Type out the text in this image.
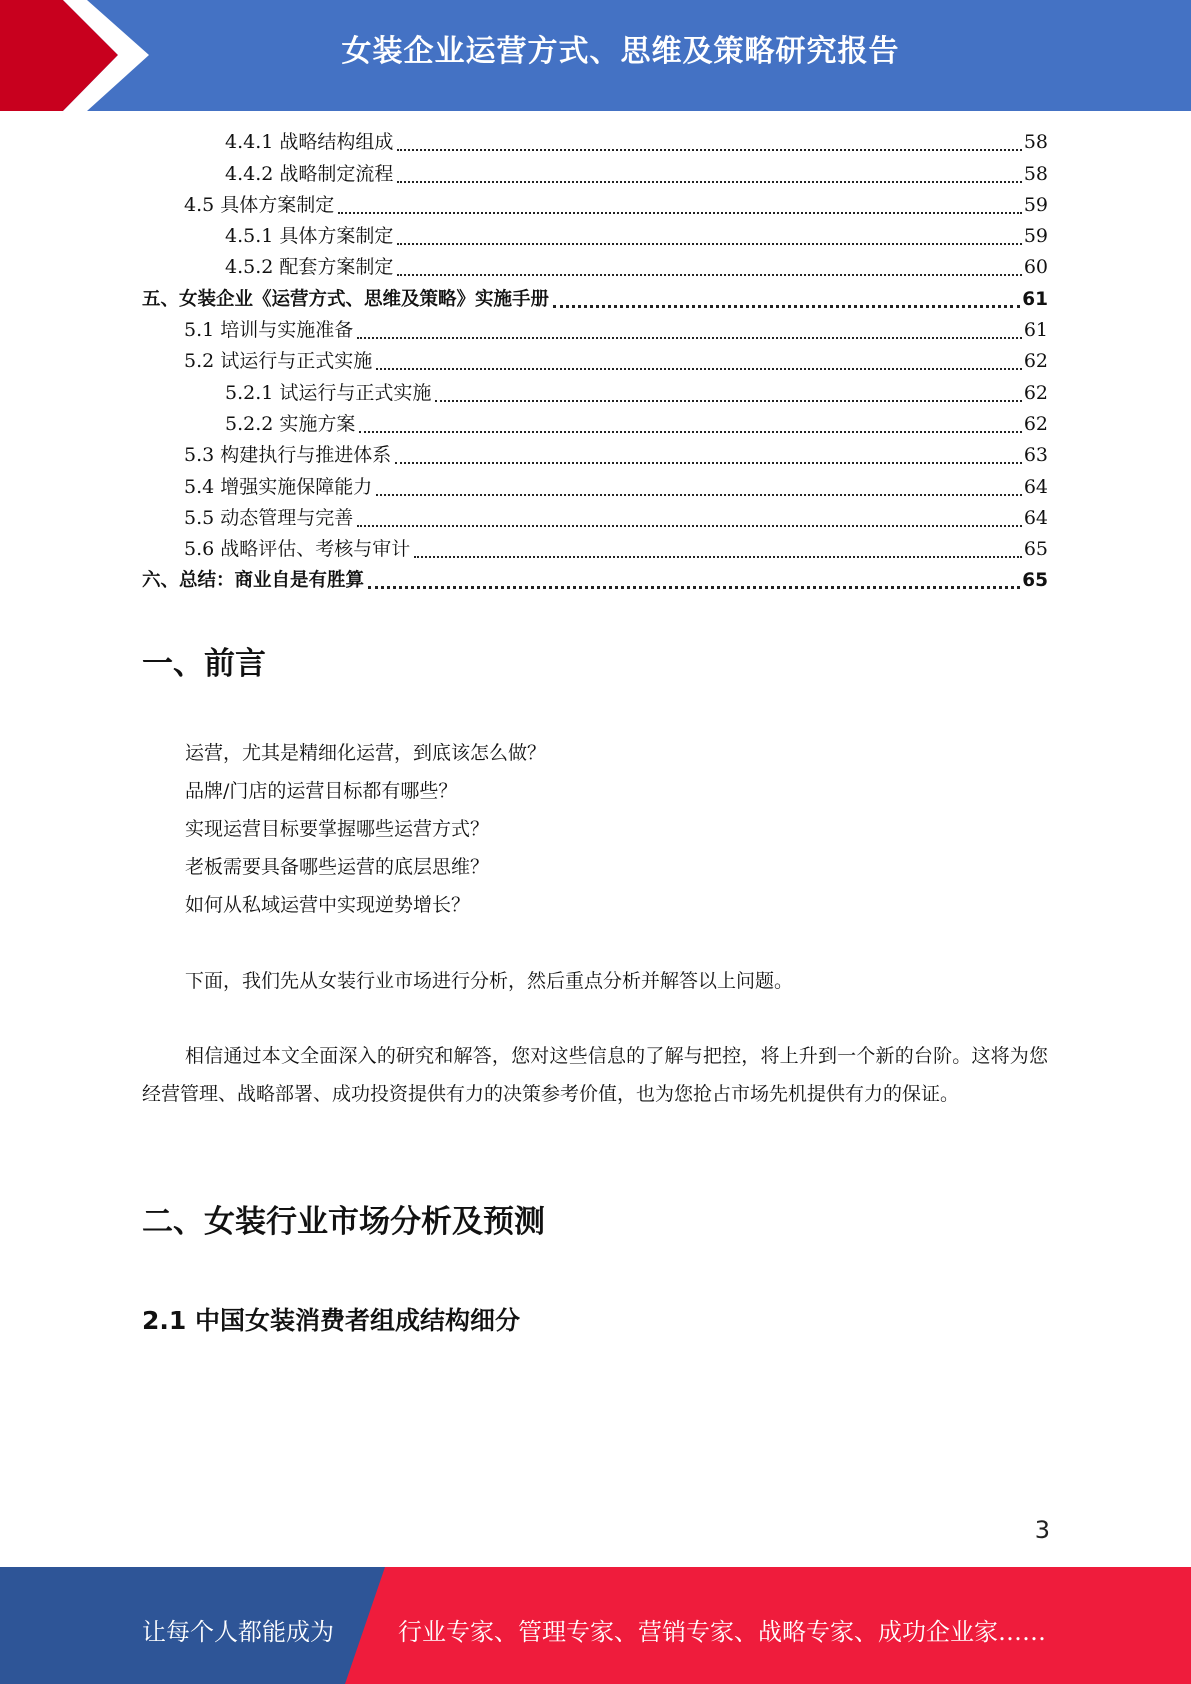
女装企业运营方式、思维及策略研究报告
4.4.1 战略结构组成	58
4.4.2 战略制定流程	58
4.5 具体方案制定	59
4.5.1 具体方案制定	59
4.5.2 配套方案制定	60
五、女装企业《运营方式、思维及策略》实施手册	61
5.1 培训与实施准备	61
5.2 试运行与正式实施	62
5.2.1 试运行与正式实施	62
5.2.2 实施方案	62
5.3 构建执行与推进体系	63
5.4 增强实施保障能力	64
5.5 动态管理与完善	64
5.6 战略评估、考核与审计	65
六、总结：商业自是有胜算	65
一、前言
运营，尤其是精细化运营，到底该怎么做？
品牌/门店的运营目标都有哪些？
实现运营目标要掌握哪些运营方式？
老板需要具备哪些运营的底层思维？
如何从私域运营中实现逆势增长？
下面，我们先从女装行业市场进行分析，然后重点分析并解答以上问题。
相信通过本文全面深入的研究和解答，您对这些信息的了解与把控，将上升到一个新的台阶。这将为您经营管理、战略部署、成功投资提供有力的决策参考价值，也为您抢占市场先机提供有力的保证。
二、女装行业市场分析及预测
2.1 中国女装消费者组成结构细分
3
让每个人都能成为	行业专家、管理专家、营销专家、战略专家、成功企业家……
